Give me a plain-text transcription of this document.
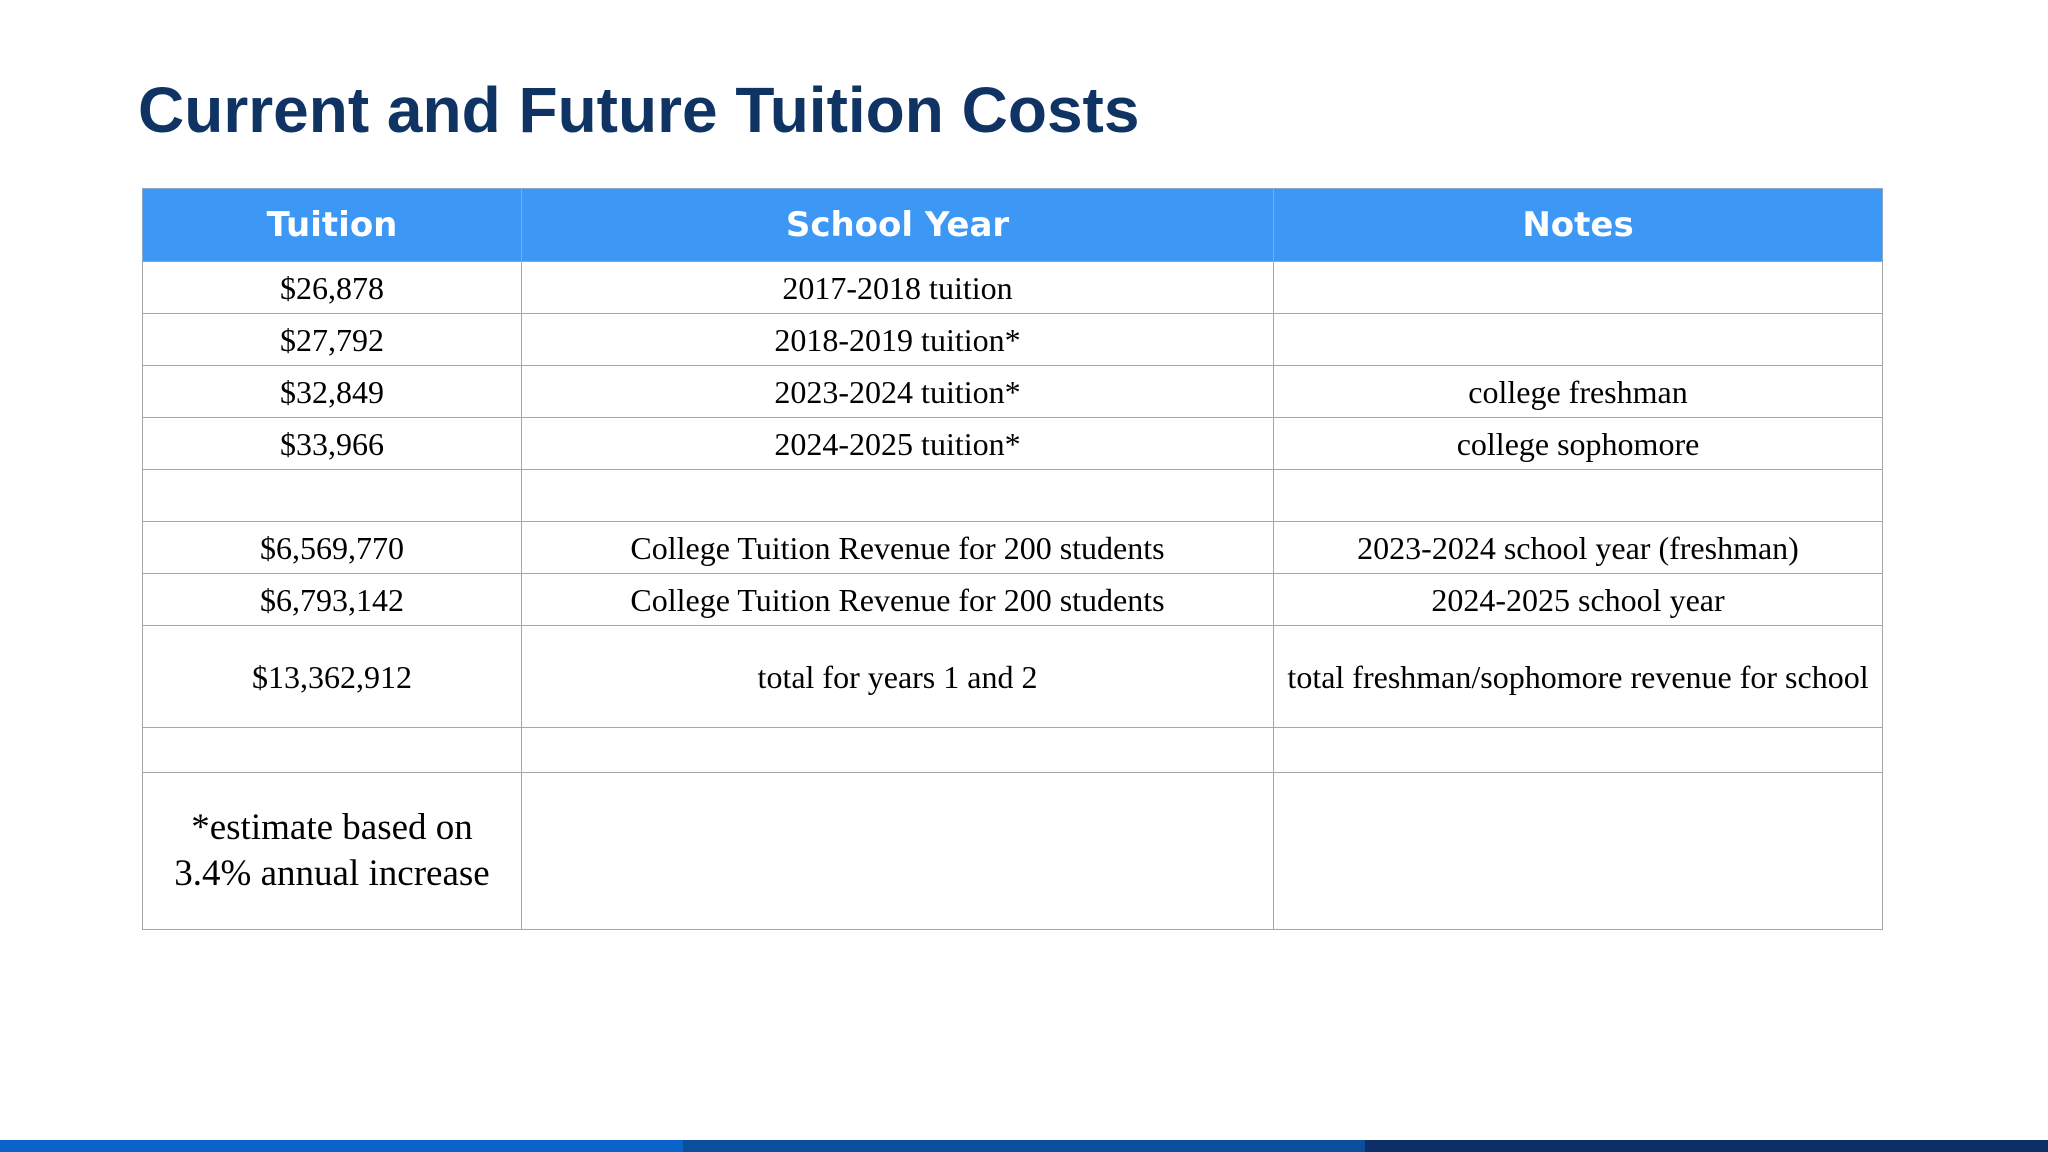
Current and Future Tuition Costs
Tuition	School Year	Notes
$26,878	2017-2018 tuition	
$27,792	2018-2019 tuition*	
$32,849	2023-2024 tuition*	college freshman
$33,966	2024-2025 tuition*	college sophomore

$6,569,770	College Tuition Revenue for 200 students	2023-2024 school year (freshman)
$6,793,142	College Tuition Revenue for 200 students	2024-2025 school year
$13,362,912	total for years 1 and 2	total freshman/sophomore revenue for school

*estimate based on 3.4% annual increase		
